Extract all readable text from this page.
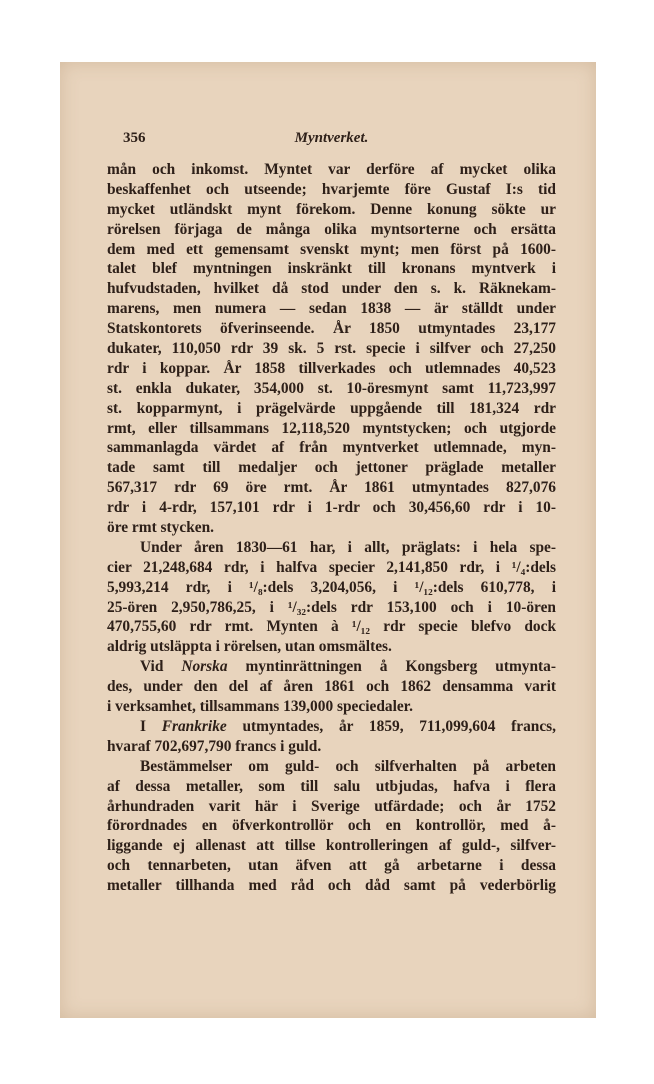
356	Myntverket.
mån och inkomst. Myntet var derföre af mycket olika
beskaffenhet och utseende; hvarjemte före Gustaf I:s tid
mycket utländskt mynt förekom. Denne konung sökte ur
rörelsen förjaga de många olika myntsorterne och ersätta
dem med ett gemensamt svenskt mynt; men först på 1600-
talet blef myntningen inskränkt till kronans myntverk i
hufvudstaden, hvilket då stod under den s. k. Räknekam-
marens, men numera — sedan 1838 — är ställdt under
Statskontorets öfverinseende. År 1850 utmyntades 23,177
dukater, 110,050 rdr 39 sk. 5 rst. specie i silfver och 27,250
rdr i koppar. År 1858 tillverkades och utlemnades 40,523
st. enkla dukater, 354,000 st. 10-öresmynt samt 11,723,997
st. kopparmynt, i prägelvärde uppgående till 181,324 rdr
rmt, eller tillsammans 12,118,520 myntstycken; och utgjorde
sammanlagda värdet af från myntverket utlemnade, myn-
tade samt till medaljer och jettoner präglade metaller
567,317 rdr 69 öre rmt. År 1861 utmyntades 827,076
rdr i 4-rdr, 157,101 rdr i 1-rdr och 30,456,60 rdr i 10-
öre rmt stycken.
Under åren 1830—61 har, i allt, präglats: i hela spe-
cier 21,248,684 rdr, i halfva specier 2,141,850 rdr, i ¹/₄:dels
5,993,214 rdr, i ¹/₈:dels 3,204,056, i ¹/₁₂:dels 610,778, i
25-ören 2,950,786,25, i ¹/₃₂:dels rdr 153,100 och i 10-ören
470,755,60 rdr rmt. Mynten à ¹/₁₂ rdr specie blefvo dock
aldrig utsläppta i rörelsen, utan omsmältes.
Vid Norska myntinrättningen å Kongsberg utmynta-
des, under den del af åren 1861 och 1862 densamma varit
i verksamhet, tillsammans 139,000 speciedaler.
I Frankrike utmyntades, år 1859, 711,099,604 francs,
hvaraf 702,697,790 francs i guld.
Bestämmelser om guld- och silfverhalten på arbeten
af dessa metaller, som till salu utbjudas, hafva i flera
århundraden varit här i Sverige utfärdade; och år 1752
förordnades en öfverkontrollör och en kontrollör, med å-
liggande ej allenast att tillse kontrolleringen af guld-, silfver-
och tennarbeten, utan äfven att gå arbetarne i dessa
metaller tillhanda med råd och dåd samt på vederbörlig
